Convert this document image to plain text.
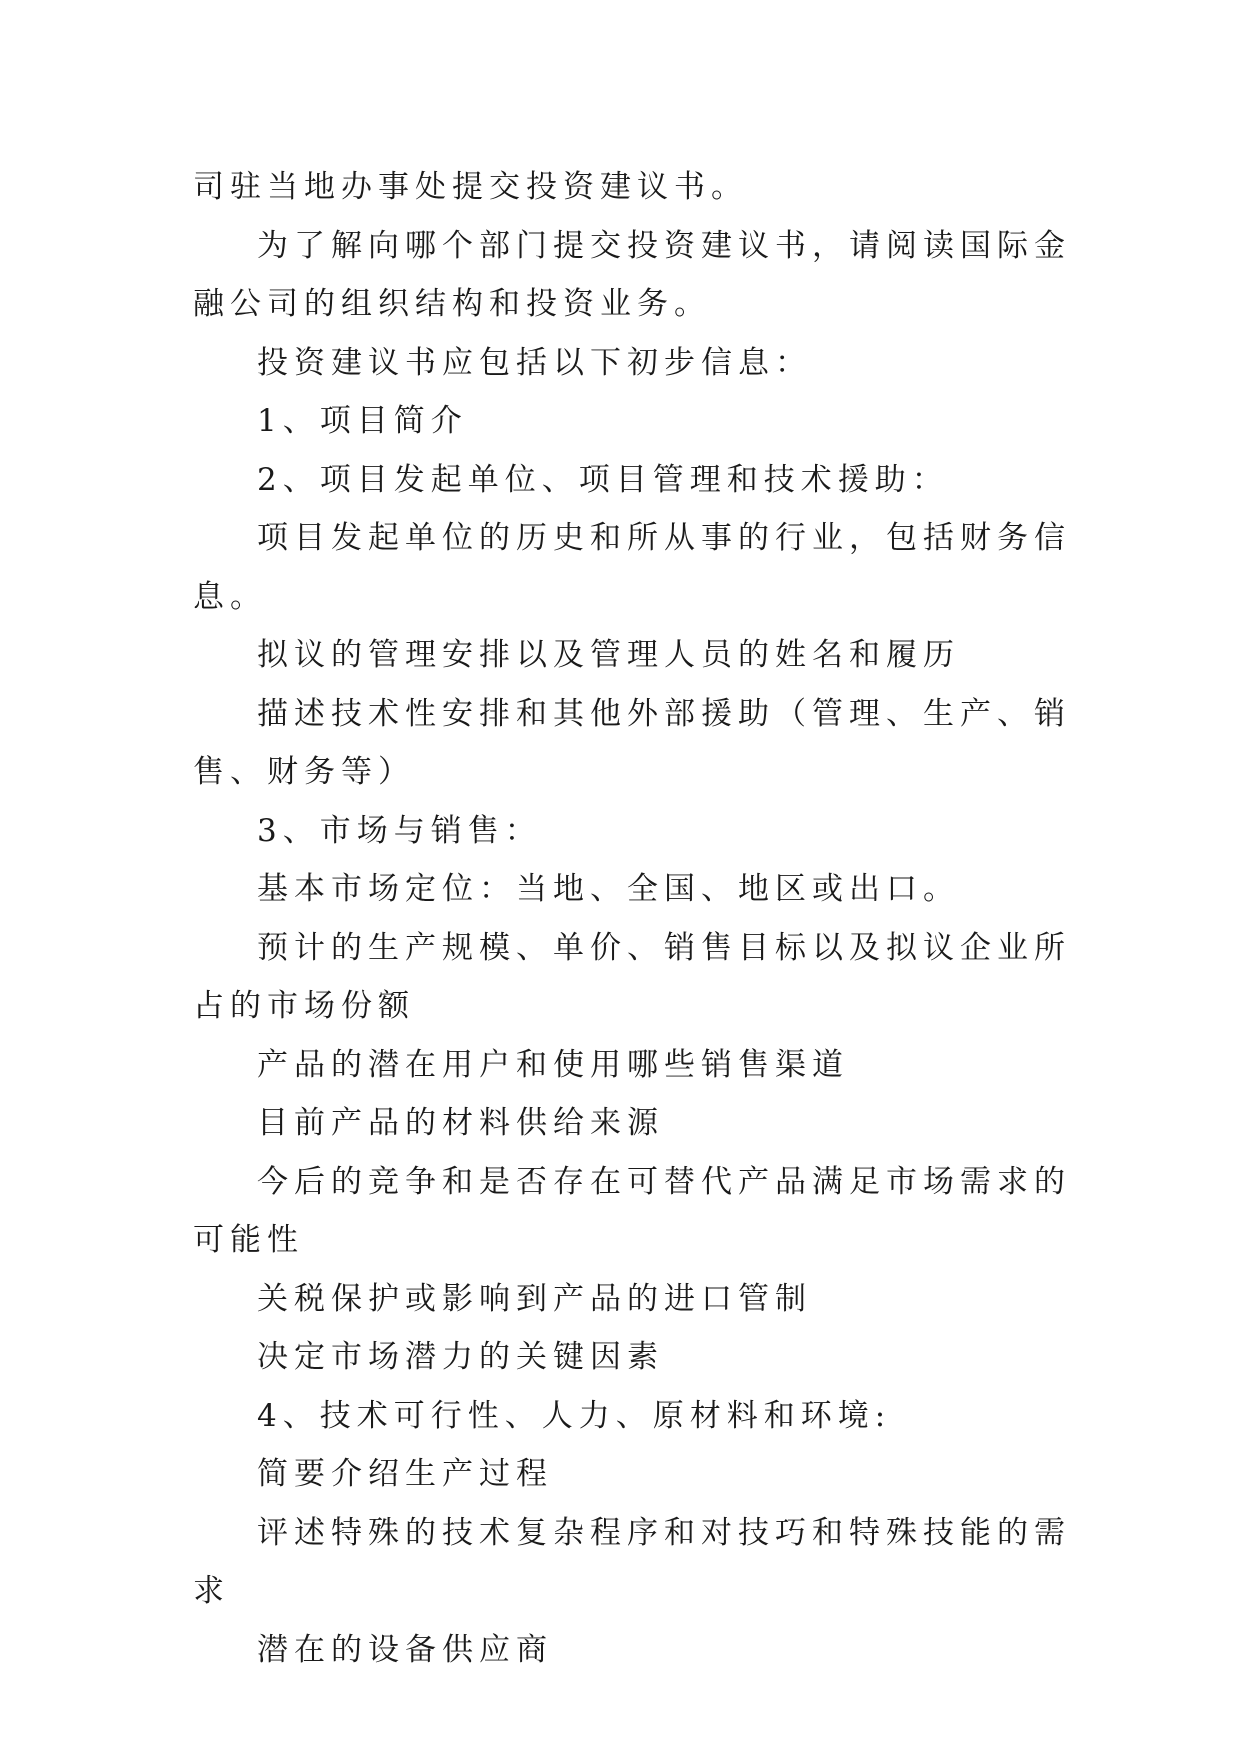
司驻当地办事处提交投资建议书。

为了解向哪个部门提交投资建议书，请阅读国际金融公司的组织结构和投资业务。

投资建议书应包括以下初步信息：

1、项目简介

2、项目发起单位、项目管理和技术援助：

项目发起单位的历史和所从事的行业，包括财务信息。

拟议的管理安排以及管理人员的姓名和履历

描述技术性安排和其他外部援助（管理、生产、销售、财务等）

3、市场与销售：

基本市场定位：当地、全国、地区或出口。

预计的生产规模、单价、销售目标以及拟议企业所占的市场份额

产品的潜在用户和使用哪些销售渠道

目前产品的材料供给来源

今后的竞争和是否存在可替代产品满足市场需求的可能性

关税保护或影响到产品的进口管制

决定市场潜力的关键因素

4、技术可行性、人力、原材料和环境:

简要介绍生产过程

评述特殊的技术复杂程序和对技巧和特殊技能的需求

潜在的设备供应商
